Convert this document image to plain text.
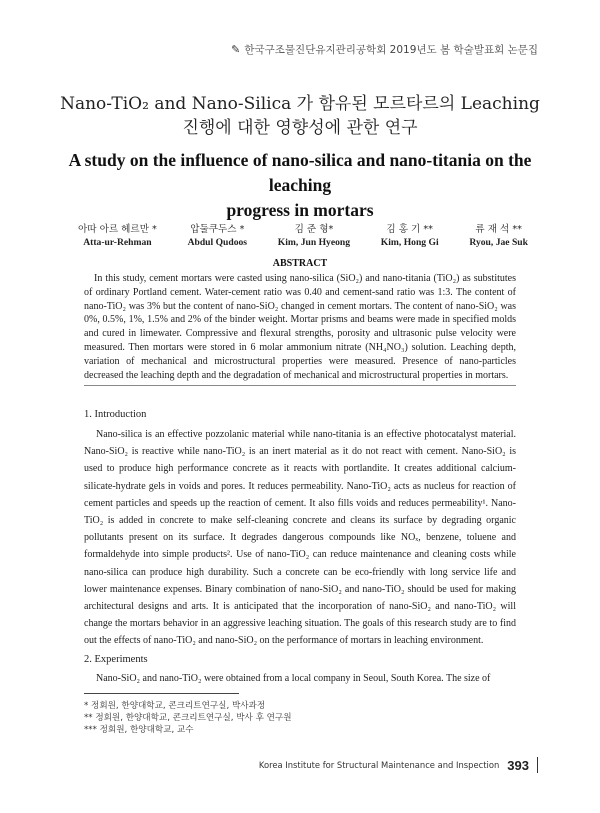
✎ 한국구조물진단유지관리공학회 2019년도 봄 학술발표회 논문집
Nano-TiO₂ and Nano-Silica 가 함유된 모르타르의 Leaching
진행에 대한 영향성에 관한 연구
A study on the influence of nano-silica and nano-titania on the leaching
progress in mortars
아따 아르 헤르만 *
Atta-ur-Rehman
압둘쿠두스 *
Abdul Qudoos
김 준 형*
Kim, Jun Hyeong
김 홍 기 **
Kim, Hong Gi
류 재 석 **
Ryou, Jae Suk
ABSTRACT
In this study, cement mortars were casted using nano-silica (SiO₂) and nano-titania (TiO₂) as substitutes of ordinary Portland cement. Water-cement ratio was 0.40 and cement-sand ratio was 1:3. The content of nano-TiO₂ was 3% but the content of nano-SiO₂ changed in cement mortars. The content of nano-SiO₂ was 0%, 0.5%, 1%, 1.5% and 2% of the binder weight. Mortar prisms and beams were made in specified molds and cured in limewater. Compressive and flexural strengths, porosity and ultrasonic pulse velocity were measured. Then mortars were stored in 6 molar ammonium nitrate (NH₄NO₃) solution. Leaching depth, variation of mechanical and microstructural properties were measured. Presence of nano-particles decreased the leaching depth and the degradation of mechanical and microstructural properties in mortars.
1. Introduction
Nano-silica is an effective pozzolanic material while nano-titania is an effective photocatalyst material. Nano-SiO₂ is reactive while nano-TiO₂ is an inert material as it do not react with cement. Nano-SiO₂ is used to produce high performance concrete as it reacts with portlandite. It creates additional calcium-silicate-hydrate gels in voids and pores. It reduces permeability. Nano-TiO₂ acts as nucleus for reaction of cement particles and speeds up the reaction of cement. It also fills voids and reduces permeability¹. Nano-TiO₂ is added in concrete to make self-cleaning concrete and cleans its surface by degrading organic pollutants present on its surface. It degrades dangerous compounds like NOₓ, benzene, toluene and formaldehyde into simple products². Use of nano-TiO₂ can reduce maintenance and cleaning costs while nano-silica can produce high durability. Such a concrete can be eco-friendly with long service life and lower maintenance expenses. Binary combination of nano-SiO₂ and nano-TiO₂ should be used for making architectural designs and arts. It is anticipated that the incorporation of nano-SiO₂ and nano-TiO₂ will change the mortars behavior in an aggressive leaching situation. The goals of this research study are to find out the effects of nano-TiO₂ and nano-SiO₂ on the performance of mortars in leaching environment.
2. Experiments
Nano-SiO₂ and nano-TiO₂ were obtained from a local company in Seoul, South Korea. The size of
* 정회원, 한양대학교, 콘크리트연구실, 박사과정
** 정회원, 한양대학교, 콘크리트연구실, 박사 후 연구원
*** 정회원, 한양대학교, 교수
Korea Institute for Structural Maintenance and Inspection 393
